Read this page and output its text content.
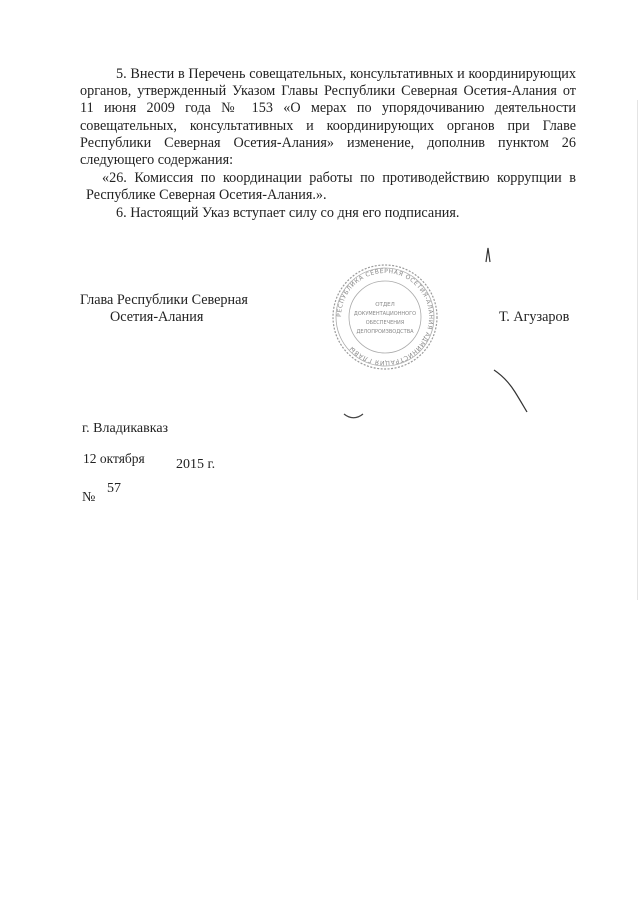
5. Внести в Перечень совещательных, консультативных и координирующих органов, утвержденный Указом Главы Республики Северная Осетия-Алания от 11 июня 2009 года № 153 «О мерах по упорядочиванию деятельности совещательных, консультативных и координирующих органов при Главе Республики Северная Осетия-Алания» изменение, дополнив пунктом 26 следующего содержания:

«26. Комиссия по координации работы по противодействию коррупции в Республике Северная Осетия-Алания.».

6. Настоящий Указ вступает силу со дня его подписания.

Глава Республики Северная
Осетия-Алания	Т. Агузаров
РЕСПУБЛИКА СЕВЕРНАЯ ОСЕТИЯ-АЛАНИЯ АДМИНИСТРАЦИЯ ГЛАВЫ
ОТДЕЛ
ДОКУМЕНТАЦИОННОГО
ОБЕСПЕЧЕНИЯ
ДЕЛОПРОИЗВОДСТВА
г. Владикавказ
12 октября 2015 г.
№
57
